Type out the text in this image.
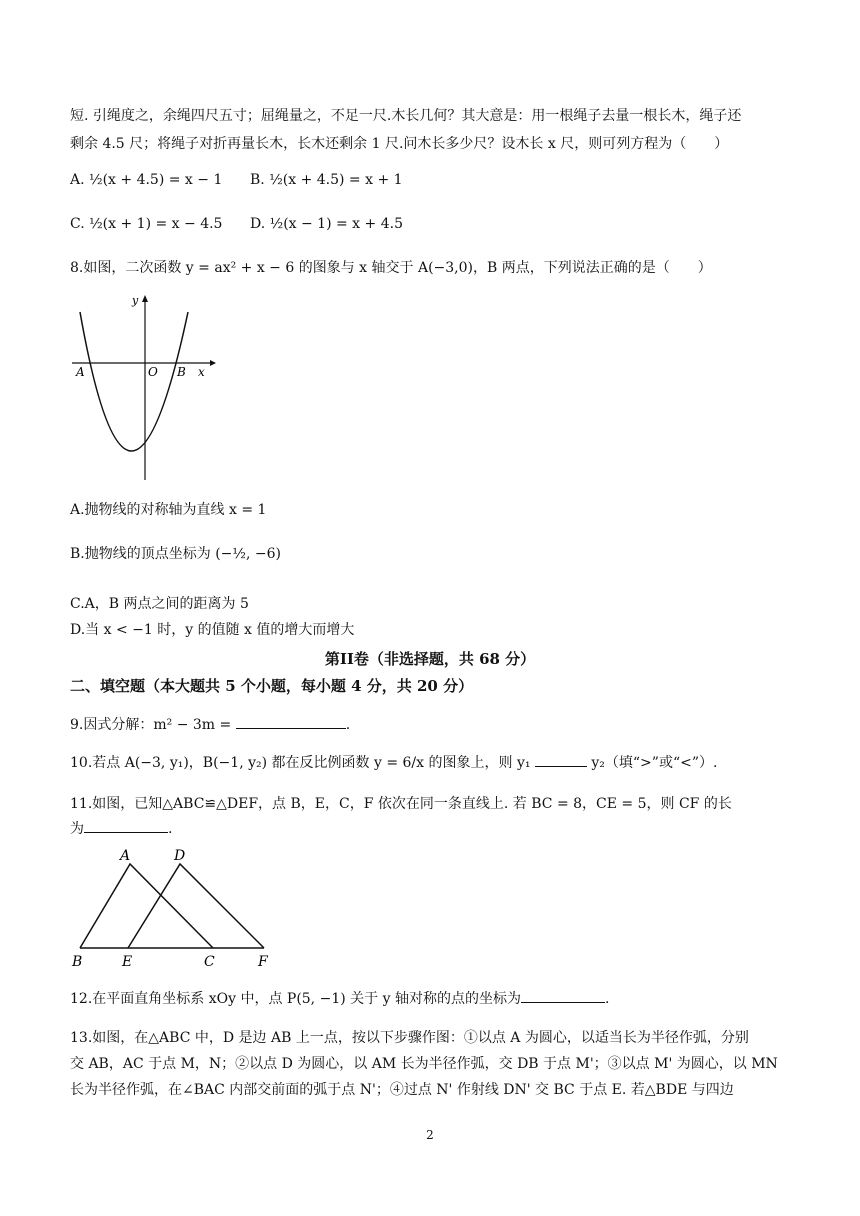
短. 引绳度之，余绳四尺五寸；屈绳量之，不足一尺.木长几何？其大意是：用一根绳子去量一根长木，绳子还
剩余 4.5 尺；将绳子对折再量长木，长木还剩余 1 尺.问木长多少尺？设木长 x 尺，则可列方程为（　　）
A. ½(x + 4.5) = x − 1 B. ½(x + 4.5) = x + 1
C. ½(x + 1) = x − 4.5 D. ½(x − 1) = x + 4.5
8.如图，二次函数 y = ax² + x − 6 的图象与 x 轴交于 A(−3,0)，B 两点，下列说法正确的是（　　）
y
x
A	O B
A.抛物线的对称轴为直线 x = 1
B.抛物线的顶点坐标为 (−½, −6)
C.A，B 两点之间的距离为 5
D.当 x < −1 时，y 的值随 x 值的增大而增大
第II卷（非选择题，共 68 分）
二、填空题（本大题共 5 个小题，每小题 4 分，共 20 分）
9.因式分解：m² − 3m =	.
10.若点 A(−3, y₁)，B(−1, y₂) 都在反比例函数 y = 6/x 的图象上，则 y₁	y₂（填“>”或“<”）.
11.如图，已知△ABC≌△DEF，点 B，E，C，F 依次在同一条直线上. 若 BC = 8，CE = 5，则 CF 的长
为	.
A	D
B	E	C	F
12.在平面直角坐标系 xOy 中，点 P(5, −1) 关于 y 轴对称的点的坐标为	.
13.如图，在△ABC 中，D 是边 AB 上一点，按以下步骤作图：①以点 A 为圆心，以适当长为半径作弧，分别
交 AB，AC 于点 M，N；②以点 D 为圆心，以 AM 长为半径作弧，交 DB 于点 M'；③以点 M' 为圆心，以 MN
长为半径作弧，在∠BAC 内部交前面的弧于点 N'；④过点 N' 作射线 DN' 交 BC 于点 E. 若△BDE 与四边
2
